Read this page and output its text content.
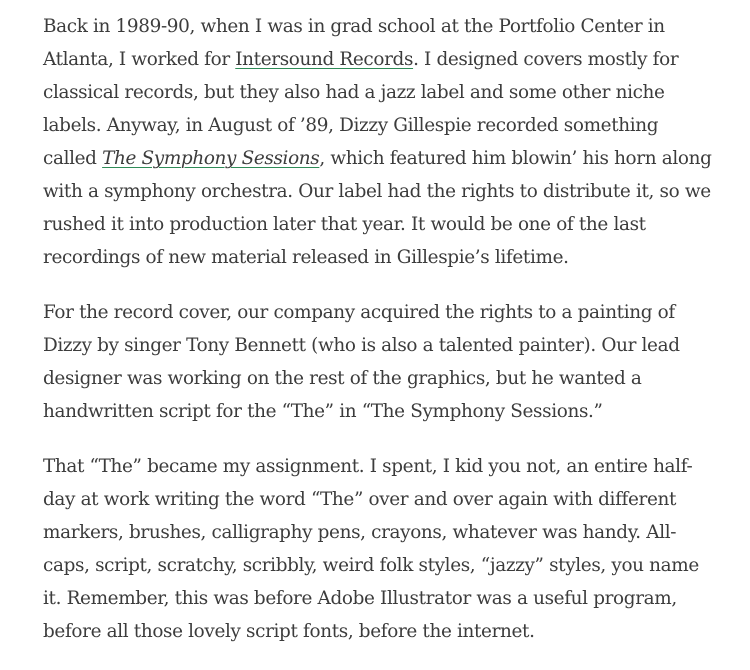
Back in 1989-90, when I was in grad school at the Portfolio Center in Atlanta, I worked for Intersound Records. I designed covers mostly for classical records, but they also had a jazz label and some other niche labels. Anyway, in August of ’89, Dizzy Gillespie recorded something called The Symphony Sessions, which featured him blowin’ his horn along with a symphony orchestra. Our label had the rights to distribute it, so we rushed it into production later that year. It would be one of the last recordings of new material released in Gillespie’s lifetime.

For the record cover, our company acquired the rights to a painting of Dizzy by singer Tony Bennett (who is also a talented painter). Our lead designer was working on the rest of the graphics, but he wanted a handwritten script for the “The” in “The Symphony Sessions.”

That “The” became my assignment. I spent, I kid you not, an entire half-day at work writing the word “The” over and over again with different markers, brushes, calligraphy pens, crayons, whatever was handy. All-caps, script, scratchy, scribbly, weird folk styles, “jazzy” styles, you name it. Remember, this was before Adobe Illustrator was a useful program, before all those lovely script fonts, before the internet.
